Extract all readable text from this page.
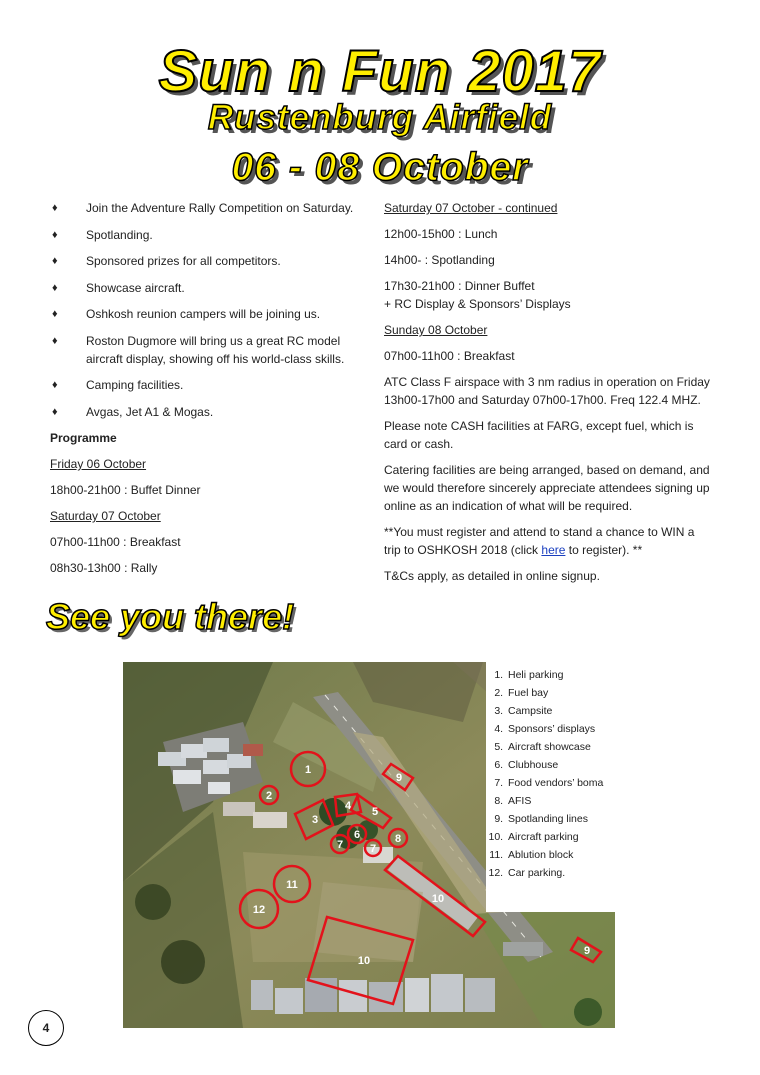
Sun n Fun 2017
Rustenburg Airfield
06 - 08 October
♦ Join the Adventure Rally Competition on Saturday.
♦ Spotlanding.
♦ Sponsored prizes for all competitors.
♦ Showcase aircraft.
♦ Oshkosh reunion campers will be joining us.
♦ Roston Dugmore will bring us a great RC model aircraft display, showing off his world-class skills.
♦ Camping facilities.
♦ Avgas, Jet A1 & Mogas.
Programme
Friday 06 October
18h00-21h00 : Buffet Dinner
Saturday 07 October
07h00-11h00 : Breakfast
08h30-13h00 : Rally
Saturday 07 October - continued
12h00-15h00 : Lunch
14h00- : Spotlanding
17h30-21h00 : Dinner Buffet
+ RC Display & Sponsors’ Displays
Sunday 08 October
07h00-11h00 : Breakfast
ATC Class F airspace with 3 nm radius in operation on Friday 13h00-17h00 and Saturday 07h00-17h00. Freq 122.4 MHZ.
Please note CASH facilities at FARG, except fuel, which is card or cash.
Catering facilities are being arranged, based on demand, and we would therefore sincerely appreciate attendees signing up online as an indication of what will be required.
**You must register and attend to stand a chance to WIN a trip to OSHKOSH 2018 (click here to register). **
T&Cs apply, as detailed in online signup.
See you there!
1
2
3
4 5
6
7 7
8
9
9
10
10
11
12
1. Heli parking
2. Fuel bay
3. Campsite
4. Sponsors’ displays
5. Aircraft showcase
6. Clubhouse
7. Food vendors’ boma
8. AFIS
9. Spotlanding lines
10. Aircraft parking
11. Ablution block
12. Car parking.
4
